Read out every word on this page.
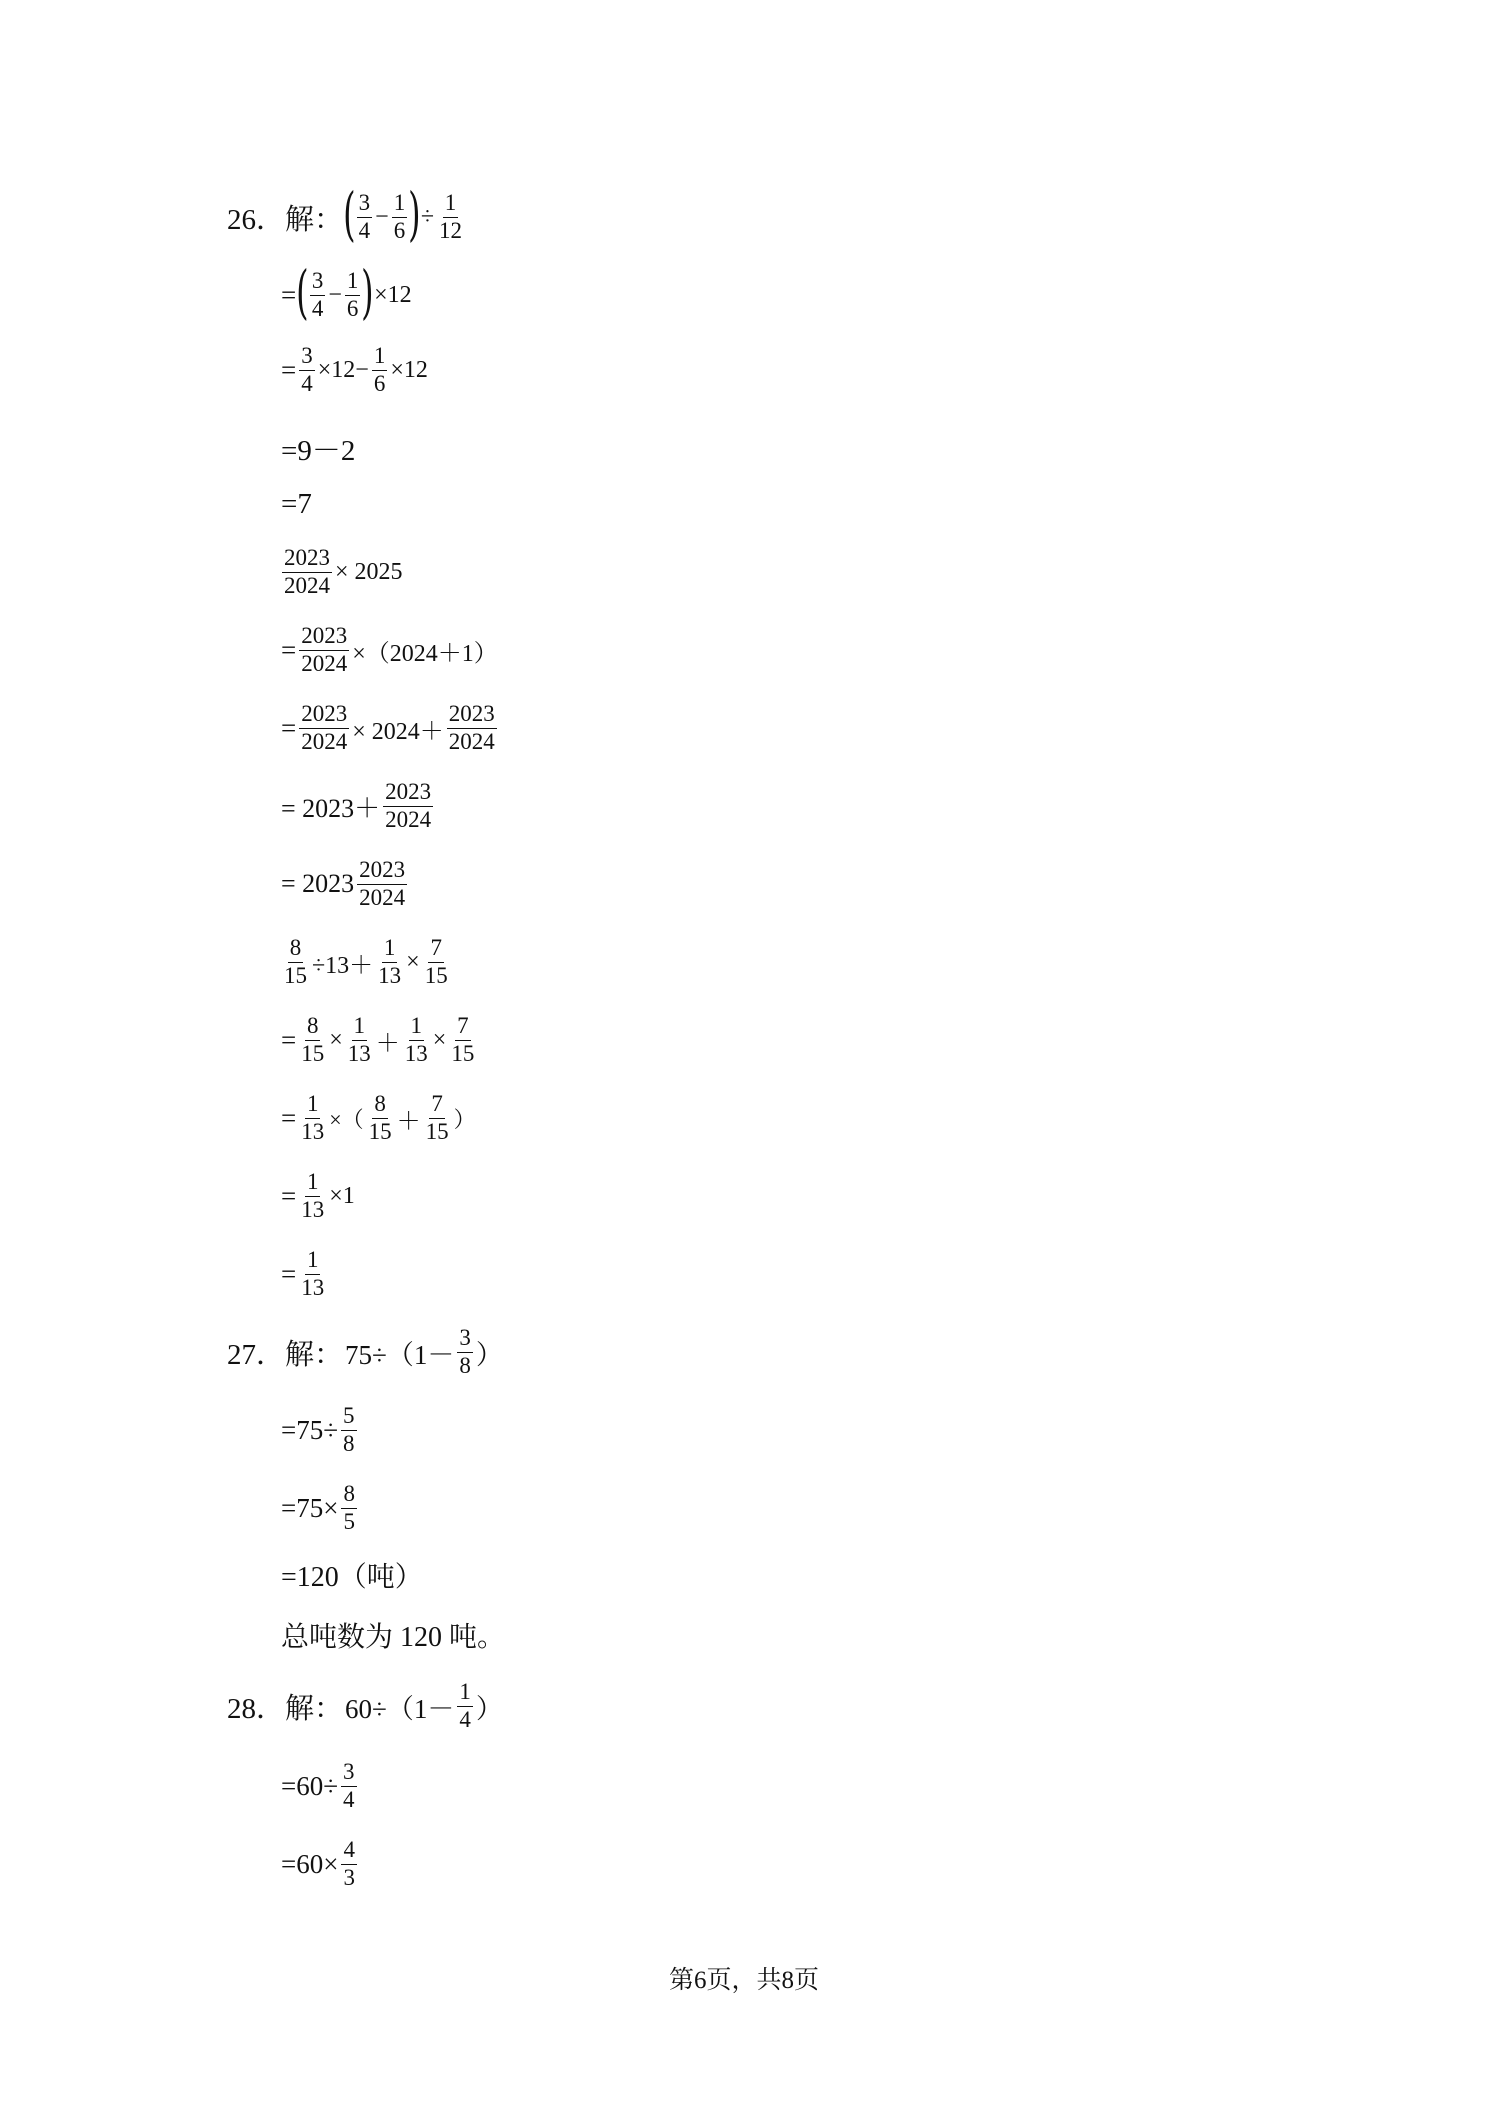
26．解： ( $\frac{3}{4} - \frac{1}{6}$ ) ÷ $\frac{1}{12}$
= ( $\frac{3}{4} - \frac{1}{6}$ ) ×12
= $\frac{3}{4} \times 12- \frac{1}{6} \times 12$
=9－2
=7
$\frac{2023}{2024} \times 2025$
= $\frac{2023}{2024} \times(2024+1)$
= $\frac{2023}{2024} \times 2024+ \frac{2023}{2024}$
= $2023+ \frac{2023}{2024}$
= $2023 \frac{2023}{2024}$
$\frac{8}{15} \div 13+ \frac{1}{13} \times \frac{7}{15}$
= $\frac{8}{15} \times \frac{1}{13} + \frac{1}{13} \times \frac{7}{15}$
= $\frac{1}{13}$ ×（ $\frac{8}{15} + \frac{7}{15}$ ）
= $\frac{1}{13} \times 1$
= $\frac{1}{13}$
27．解： $75\div(1- \frac{3}{8}$ ）
$=75\div \frac{5}{8}$
$=75\times \frac{8}{5}$
=120（吨）
总吨数为 120 吨。
28．解： $60\div(1- \frac{1}{4}$ ）
$=60\div \frac{3}{4}$
$=60\times \frac{4}{3}$
第6页，共8页
